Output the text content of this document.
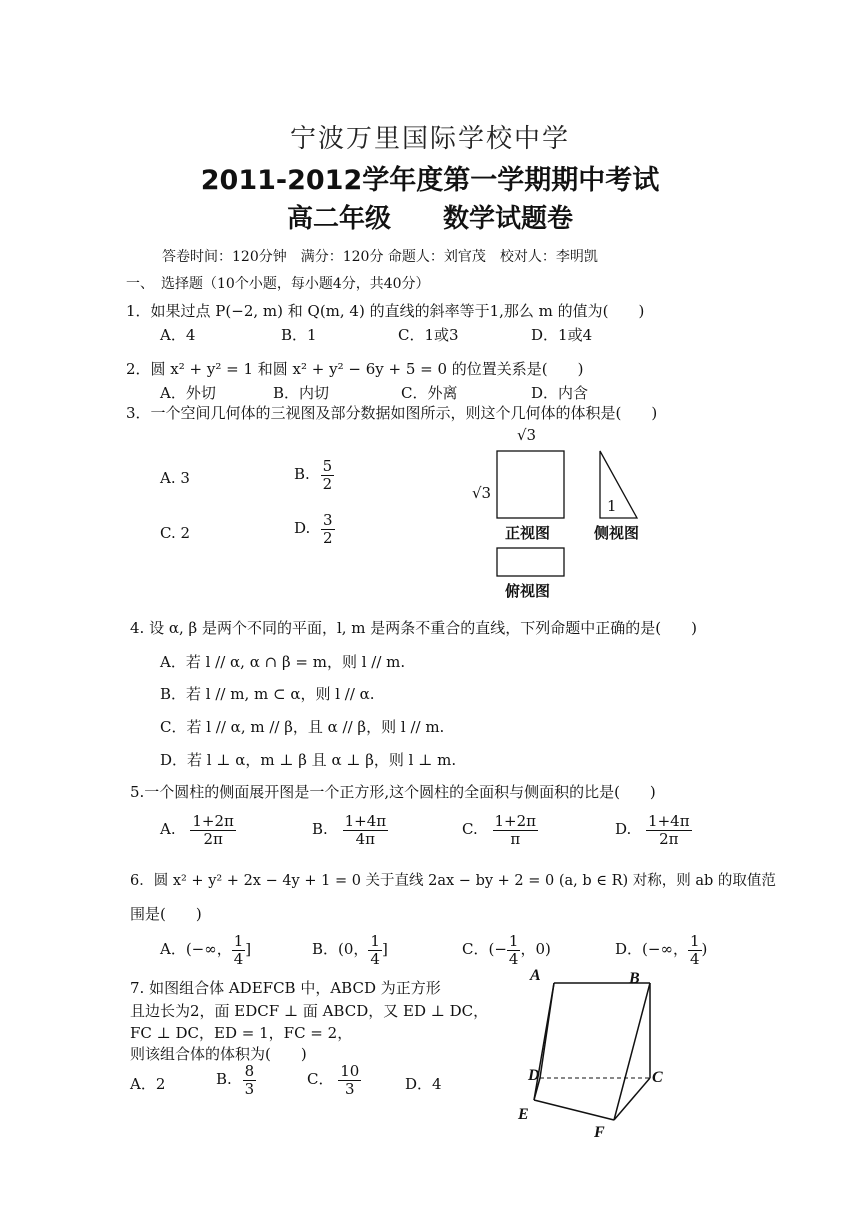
宁波万里国际学校中学
2011-2012学年度第一学期期中考试
高二年级　　数学试题卷
答卷时间：120分钟　满分：120分 命题人：刘官茂　校对人：李明凯
一、　选择题（10个小题，每小题4分，共40分）
1．如果过点 P(−2, m) 和 Q(m, 4) 的直线的斜率等于1,那么 m 的值为(　　)
A．4	B．1	C．1或3	D．1或4
2．圆 x² + y² = 1 和圆 x² + y² − 6y + 5 = 0 的位置关系是(　　)
A．外切	B．内切	C．外离	D．内含
3．一个空间几何体的三视图及部分数据如图所示，则这个几何体的体积是(　　)
A. 3	B. $\frac{5}{2}$
C. 2	D. $\frac{3}{2}$
√3
√3
1
正视图	侧视图
俯视图
4. 设 α, β 是两个不同的平面，l, m 是两条不重合的直线，下列命题中正确的是(　　)
A．若 l // α, α ∩ β = m，则 l // m.
B．若 l // m, m ⊂ α，则 l // α.
C．若 l // α, m // β，且 α // β，则 l // m.
D．若 l ⊥ α，m ⊥ β 且 α ⊥ β，则 l ⊥ m.
5.一个圆柱的侧面展开图是一个正方形,这个圆柱的全面积与侧面积的比是(　　)
A. $\frac{1+2\pi}{2\pi}$	B. $\frac{1+4\pi}{4\pi}$	C. $\frac{1+2\pi}{\pi}$	D. $\frac{1+4\pi}{2\pi}$
6．圆 x² + y² + 2x − 4y + 1 = 0 关于直线 2ax − by + 2 = 0 (a, b ∈ R) 对称，则 ab 的取值范
围是(　　)
A．(−∞， $\frac{1}{4}$ ]	B．(0， $\frac{1}{4}$ ]	C．(− $\frac{1}{4}$ ，0)	D．(−∞， $\frac{1}{4}$ )
7. 如图组合体 ADEFCB 中，ABCD 为正方形
且边长为2，面 EDCF ⊥ 面 ABCD，又 ED ⊥ DC，
FC ⊥ DC，ED = 1，FC = 2，
则该组合体的体积为(　　)
A．2	B. $\frac{8}{3}$	C． $\frac{10}{3}$	D．4
A	B
C
D
E
F
